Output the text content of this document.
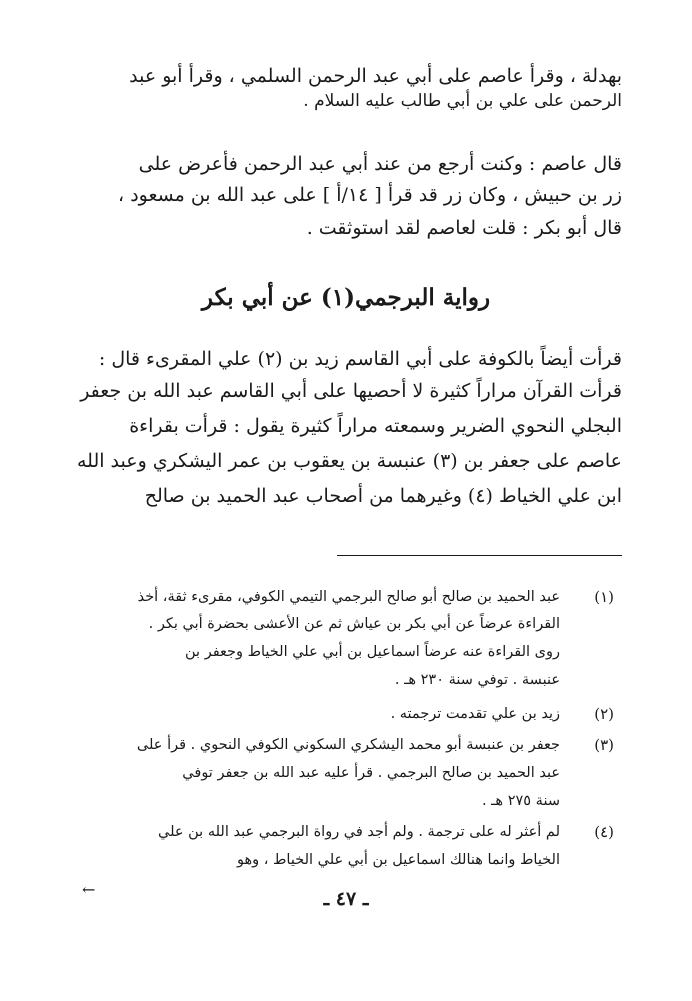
بهدلة ، وقرأ عاصم على أبي عبد الرحمن السلمي ، وقرأ أبو عبد
الرحمن على علي بن أبي طالب عليه السلام .
قال عاصم : وكنت أرجع من عند أبي عبد الرحمن فأعرض على
زر بن حبيش ، وكان زر قد قرأ [ ١٤/أ ] على عبد الله بن مسعود ،
قال أبو بكر : قلت لعاصم لقد استوثقت .
رواية البرجمي(١) عن أبي بكر
قرأت أيضاً بالكوفة على أبي القاسم زيد بن (٢) علي المقرىء قال :
قرأت القرآن مراراً كثيرة لا أحصيها على أبي القاسم عبد الله بن جعفر
البجلي النحوي الضرير وسمعته مراراً كثيرة يقول : قرأت بقراءة
عاصم على جعفر بن (٣) عنبسة بن يعقوب بن عمر اليشكري وعبد الله
ابن علي الخياط (٤) وغيرهما من أصحاب عبد الحميد بن صالح
(١)
عبد الحميد بن صالح أبو صالح البرجمي التيمي الكوفي، مقرىء ثقة، أخذ
القراءة عرضاً عن أبي بكر بن عياش ثم عن الأعشى بحضرة أبي بكر .
روى القراءة عنه عرضاً اسماعيل بن أبي علي الخياط وجعفر بن
عنبسة . توفي سنة ٢٣٠ هـ .
(٢)
زيد بن علي تقدمت ترجمته .
(٣)
جعفر بن عنبسة أبو محمد اليشكري السكوني الكوفي النحوي . قرأ على
عبد الحميد بن صالح البرجمي . قرأ عليه عبد الله بن جعفر توفي
سنة ٢٧٥ هـ .
(٤)
لم أعثر له على ترجمة . ولم أجد في رواة البرجمي عبد الله بن علي
الخياط وانما هنالك اسماعيل بن أبي علي الخياط ، وهو
←	ـ ٤٧ ـ
